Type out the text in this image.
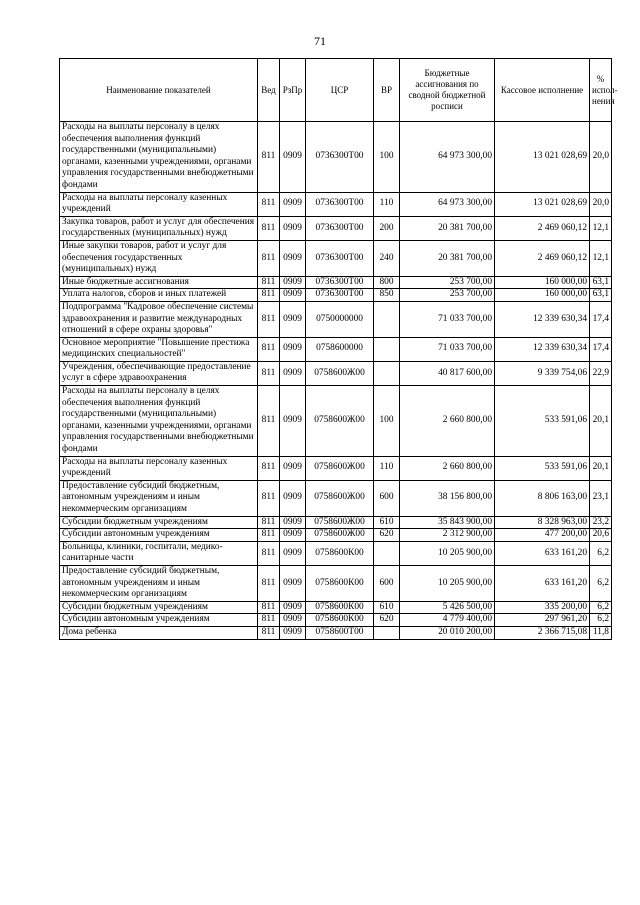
71
Наименование показателей	Вед	РзПр	ЦСР	ВР	Бюджетные ассигнования по сводной бюджетной росписи	Кассовое исполнение	% испол-нения
Расходы на выплаты персоналу в целях обеспечения выполнения функций государственными (муниципальными) органами, казенными учреждениями, органами управления государственными внебюджетными фондами	811	0909	0736300Т00	100	64 973 300,00	13 021 028,69	20,0
Расходы на выплаты персоналу казенных учреждений	811	0909	0736300Т00	110	64 973 300,00	13 021 028,69	20,0
Закупка товаров, работ и услуг для обеспечения государственных (муниципальных) нужд	811	0909	0736300Т00	200	20 381 700,00	2 469 060,12	12,1
Иные закупки товаров, работ и услуг для обеспечения государственных (муниципальных) нужд	811	0909	0736300Т00	240	20 381 700,00	2 469 060,12	12,1
Иные бюджетные ассигнования	811	0909	0736300Т00	800	253 700,00	160 000,00	63,1
Уплата налогов, сборов и иных платежей	811	0909	0736300Т00	850	253 700,00	160 000,00	63,1
Подпрограмма "Кадровое обеспечение системы здравоохранения и развитие международных отношений в сфере охраны здоровья"	811	0909	0750000000		71 033 700,00	12 339 630,34	17,4
Основное мероприятие "Повышение престижа медицинских специальностей"	811	0909	0758600000		71 033 700,00	12 339 630,34	17,4
Учреждения, обеспечивающие предоставление услуг в сфере здравоохранения	811	0909	0758600Ж00		40 817 600,00	9 339 754,06	22,9
Расходы на выплаты персоналу в целях обеспечения выполнения функций государственными (муниципальными) органами, казенными учреждениями, органами управления государственными внебюджетными фондами	811	0909	0758600Ж00	100	2 660 800,00	533 591,06	20,1
Расходы на выплаты персоналу казенных учреждений	811	0909	0758600Ж00	110	2 660 800,00	533 591,06	20,1
Предоставление субсидий бюджетным, автономным учреждениям и иным некоммерческим организациям	811	0909	0758600Ж00	600	38 156 800,00	8 806 163,00	23,1
Субсидии бюджетным учреждениям	811	0909	0758600Ж00	610	35 843 900,00	8 328 963,00	23,2
Субсидии автономным учреждениям	811	0909	0758600Ж00	620	2 312 900,00	477 200,00	20,6
Больницы, клиники, госпитали, медико-санитарные части	811	0909	0758600К00		10 205 900,00	633 161,20	6,2
Предоставление субсидий бюджетным, автономным учреждениям и иным некоммерческим организациям	811	0909	0758600К00	600	10 205 900,00	633 161,20	6,2
Субсидии бюджетным учреждениям	811	0909	0758600К00	610	5 426 500,00	335 200,00	6,2
Субсидии автономным учреждениям	811	0909	0758600К00	620	4 779 400,00	297 961,20	6,2
Дома ребенка	811	0909	0758600Т00		20 010 200,00	2 366 715,08	11,8
